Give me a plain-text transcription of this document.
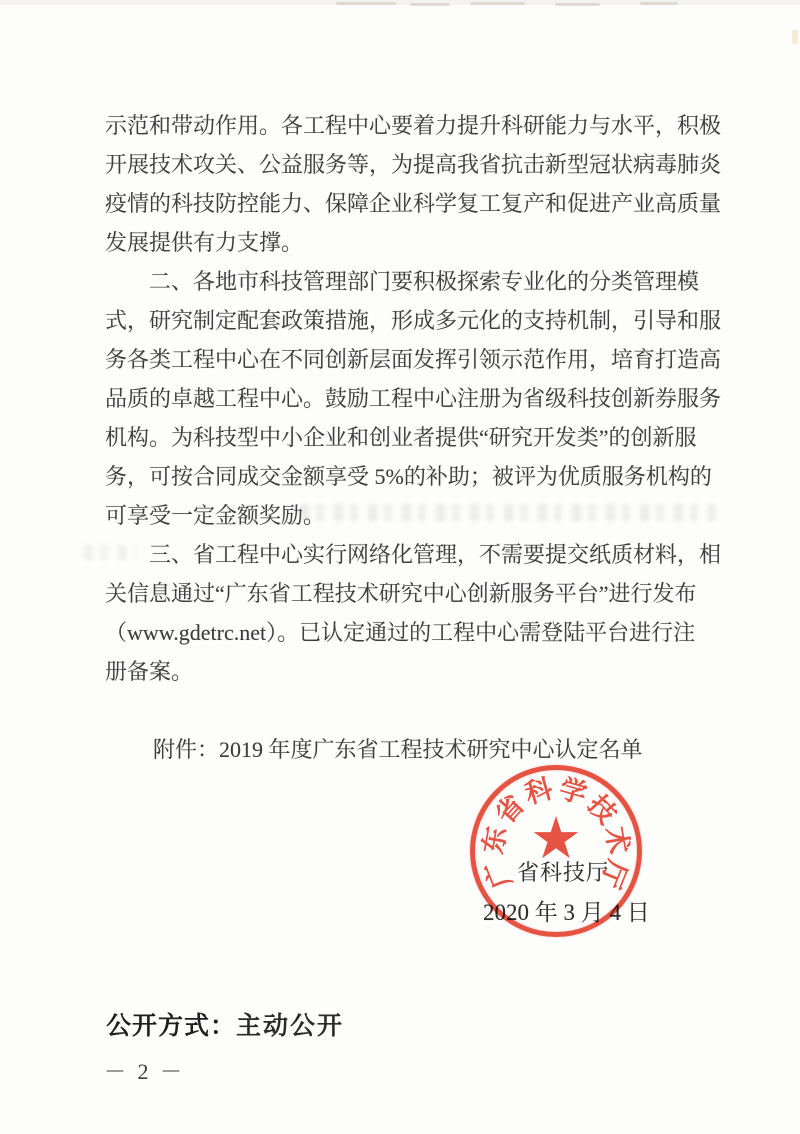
示范和带动作用。各工程中心要着力提升科研能力与水平，积极
开展技术攻关、公益服务等，为提高我省抗击新型冠状病毒肺炎
疫情的科技防控能力、保障企业科学复工复产和促进产业高质量
发展提供有力支撑。
　　二、各地市科技管理部门要积极探索专业化的分类管理模
式，研究制定配套政策措施，形成多元化的支持机制，引导和服
务各类工程中心在不同创新层面发挥引领示范作用，培育打造高
品质的卓越工程中心。鼓励工程中心注册为省级科技创新券服务
机构。为科技型中小企业和创业者提供“研究开发类”的创新服
务，可按合同成交金额享受 5%的补助；被评为优质服务机构的
可享受一定金额奖励。
　　三、省工程中心实行网络化管理，不需要提交纸质材料，相
关信息通过“广东省工程技术研究中心创新服务平台”进行发布
（www.gdetrc.net）。已认定通过的工程中心需登陆平台进行注
册备案。
附件：2019 年度广东省工程技术研究中心认定名单
省科技厅
2020 年 3 月 4 日
广
东
省
科 学
技
术
厅
★
公开方式：主动公开
－ 2 －
